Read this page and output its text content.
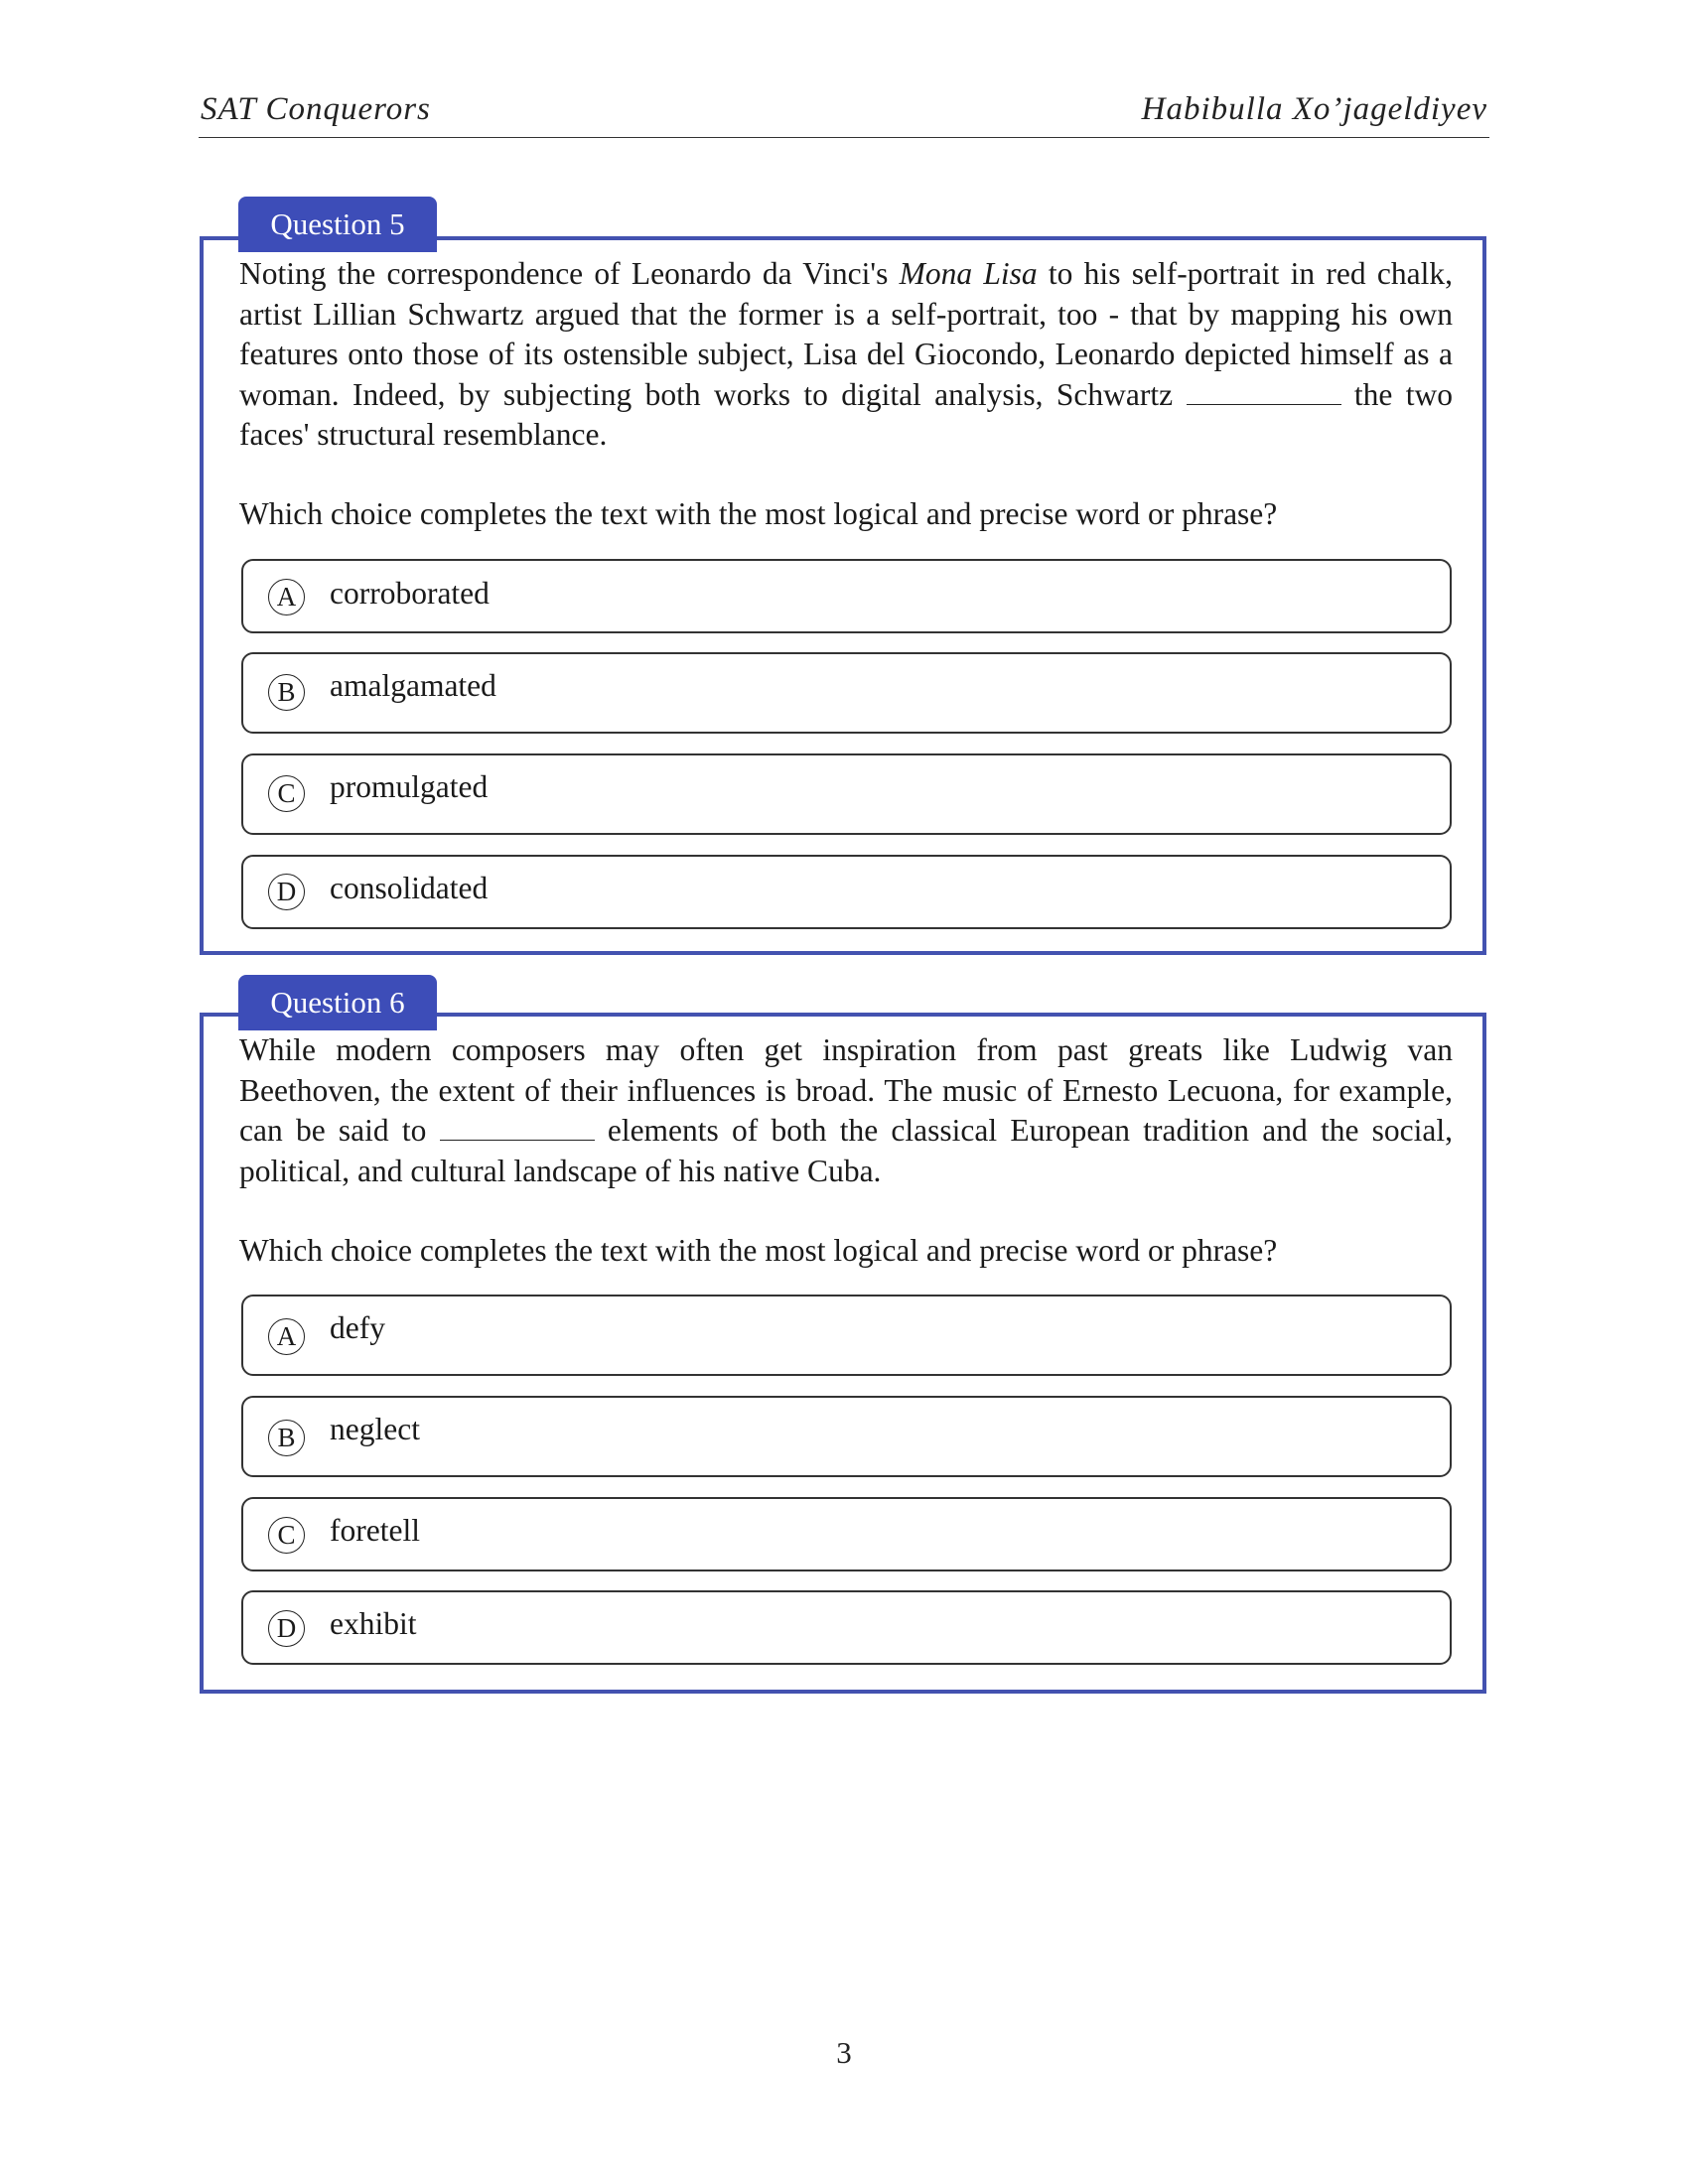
SAT Conquerors	Habibulla Xo’jageldiyev
Question 5
Noting the correspondence of Leonardo da Vinci's Mona Lisa to his self-portrait in red chalk, artist Lillian Schwartz argued that the former is a self-portrait, too - that by mapping his own features onto those of its ostensible subject, Lisa del Giocondo, Leonardo depicted himself as a woman. Indeed, by subjecting both works to digital analysis, Schwartz	the two faces' structural resemblance.
Which choice completes the text with the most logical and precise word or phrase?
A corroborated
B	amalgamated
C	promulgated
D consolidated
Question 6
While modern composers may often get inspiration from past greats like Ludwig van Beethoven, the extent of their influences is broad. The music of Ernesto Lecuona, for example, can be said to	elements of both the classical European tradition and the social, political, and cultural landscape of his native Cuba.
Which choice completes the text with the most logical and precise word or phrase?
A defy
B	neglect
C	foretell
D exhibit
3
